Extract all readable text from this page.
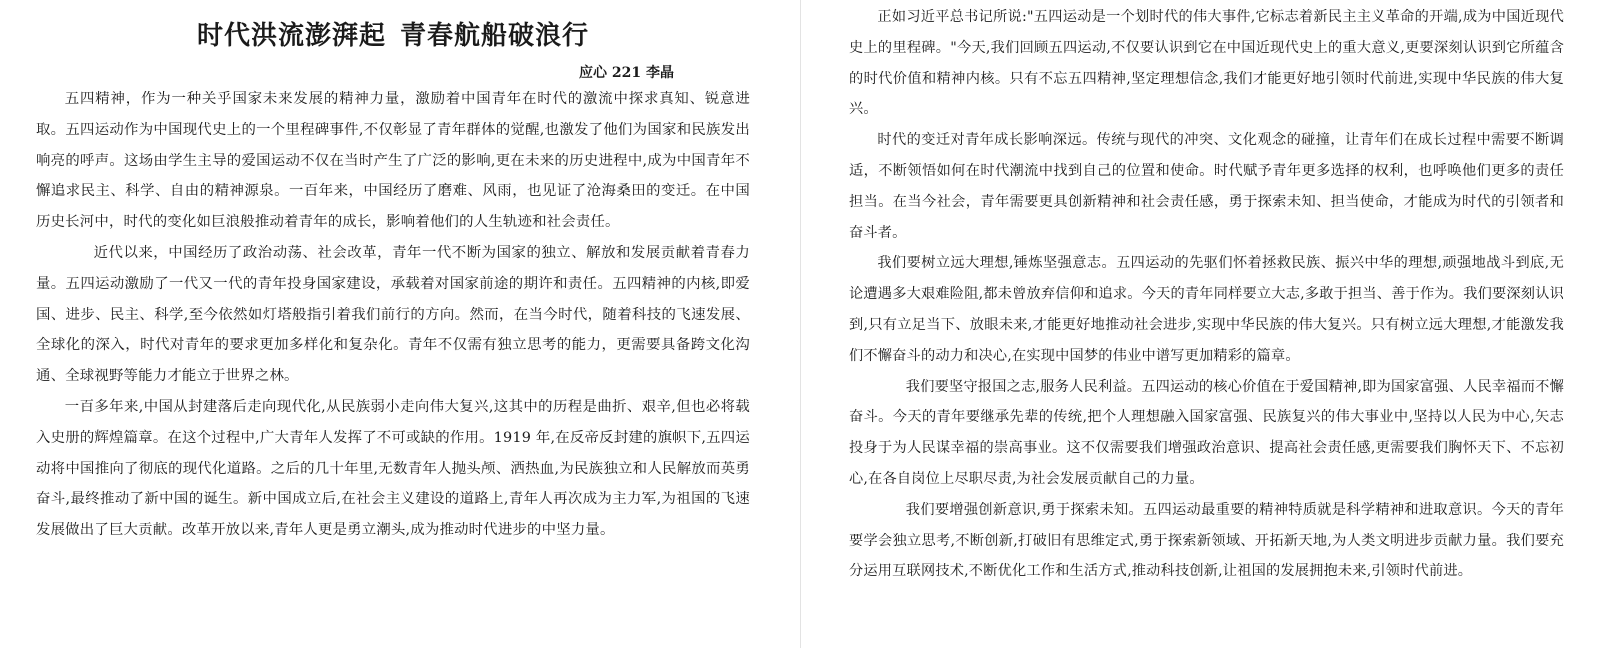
时代洪流澎湃起 青春航船破浪行
应心 221 李晶

五四精神，作为一种关乎国家未来发展的精神力量，激励着中国青年在时代的激流中探求真知、锐意进取。五四运动作为中国现代史上的一个里程碑事件,不仅彰显了青年群体的觉醒,也激发了他们为国家和民族发出响亮的呼声。这场由学生主导的爱国运动不仅在当时产生了广泛的影响,更在未来的历史进程中,成为中国青年不懈追求民主、科学、自由的精神源泉。一百年来，中国经历了磨难、风雨，也见证了沧海桑田的变迁。在中国历史长河中，时代的变化如巨浪般推动着青年的成长，影响着他们的人生轨迹和社会责任。

近代以来，中国经历了政治动荡、社会改革，青年一代不断为国家的独立、解放和发展贡献着青春力量。五四运动激励了一代又一代的青年投身国家建设，承载着对国家前途的期许和责任。五四精神的内核,即爱国、进步、民主、科学,至今依然如灯塔般指引着我们前行的方向。然而，在当今时代，随着科技的飞速发展、全球化的深入，时代对青年的要求更加多样化和复杂化。青年不仅需有独立思考的能力，更需要具备跨文化沟通、全球视野等能力才能立于世界之林。

一百多年来,中国从封建落后走向现代化,从民族弱小走向伟大复兴,这其中的历程是曲折、艰辛,但也必将载入史册的辉煌篇章。在这个过程中,广大青年人发挥了不可或缺的作用。1919 年,在反帝反封建的旗帜下,五四运动将中国推向了彻底的现代化道路。之后的几十年里,无数青年人抛头颅、洒热血,为民族独立和人民解放而英勇奋斗,最终推动了新中国的诞生。新中国成立后,在社会主义建设的道路上,青年人再次成为主力军,为祖国的飞速发展做出了巨大贡献。改革开放以来,青年人更是勇立潮头,成为推动时代进步的中坚力量。

正如习近平总书记所说:"五四运动是一个划时代的伟大事件,它标志着新民主主义革命的开端,成为中国近现代史上的里程碑。"今天,我们回顾五四运动,不仅要认识到它在中国近现代史上的重大意义,更要深刻认识到它所蕴含的时代价值和精神内核。只有不忘五四精神,坚定理想信念,我们才能更好地引领时代前进,实现中华民族的伟大复兴。

时代的变迁对青年成长影响深远。传统与现代的冲突、文化观念的碰撞，让青年们在成长过程中需要不断调适，不断领悟如何在时代潮流中找到自己的位置和使命。时代赋予青年更多选择的权利，也呼唤他们更多的责任担当。在当今社会，青年需要更具创新精神和社会责任感，勇于探索未知、担当使命，才能成为时代的引领者和奋斗者。

我们要树立远大理想,锤炼坚强意志。五四运动的先驱们怀着拯救民族、振兴中华的理想,顽强地战斗到底,无论遭遇多大艰难险阻,都未曾放弃信仰和追求。今天的青年同样要立大志,多敢于担当、善于作为。我们要深刻认识到,只有立足当下、放眼未来,才能更好地推动社会进步,实现中华民族的伟大复兴。只有树立远大理想,才能激发我们不懈奋斗的动力和决心,在实现中国梦的伟业中谱写更加精彩的篇章。

我们要坚守报国之志,服务人民利益。五四运动的核心价值在于爱国精神,即为国家富强、人民幸福而不懈奋斗。今天的青年要继承先辈的传统,把个人理想融入国家富强、民族复兴的伟大事业中,坚持以人民为中心,矢志投身于为人民谋幸福的崇高事业。这不仅需要我们增强政治意识、提高社会责任感,更需要我们胸怀天下、不忘初心,在各自岗位上尽职尽责,为社会发展贡献自己的力量。

我们要增强创新意识,勇于探索未知。五四运动最重要的精神特质就是科学精神和进取意识。今天的青年要学会独立思考,不断创新,打破旧有思维定式,勇于探索新领域、开拓新天地,为人类文明进步贡献力量。我们要充分运用互联网技术,不断优化工作和生活方式,推动科技创新,让祖国的发展拥抱未来,引领时代前进。
